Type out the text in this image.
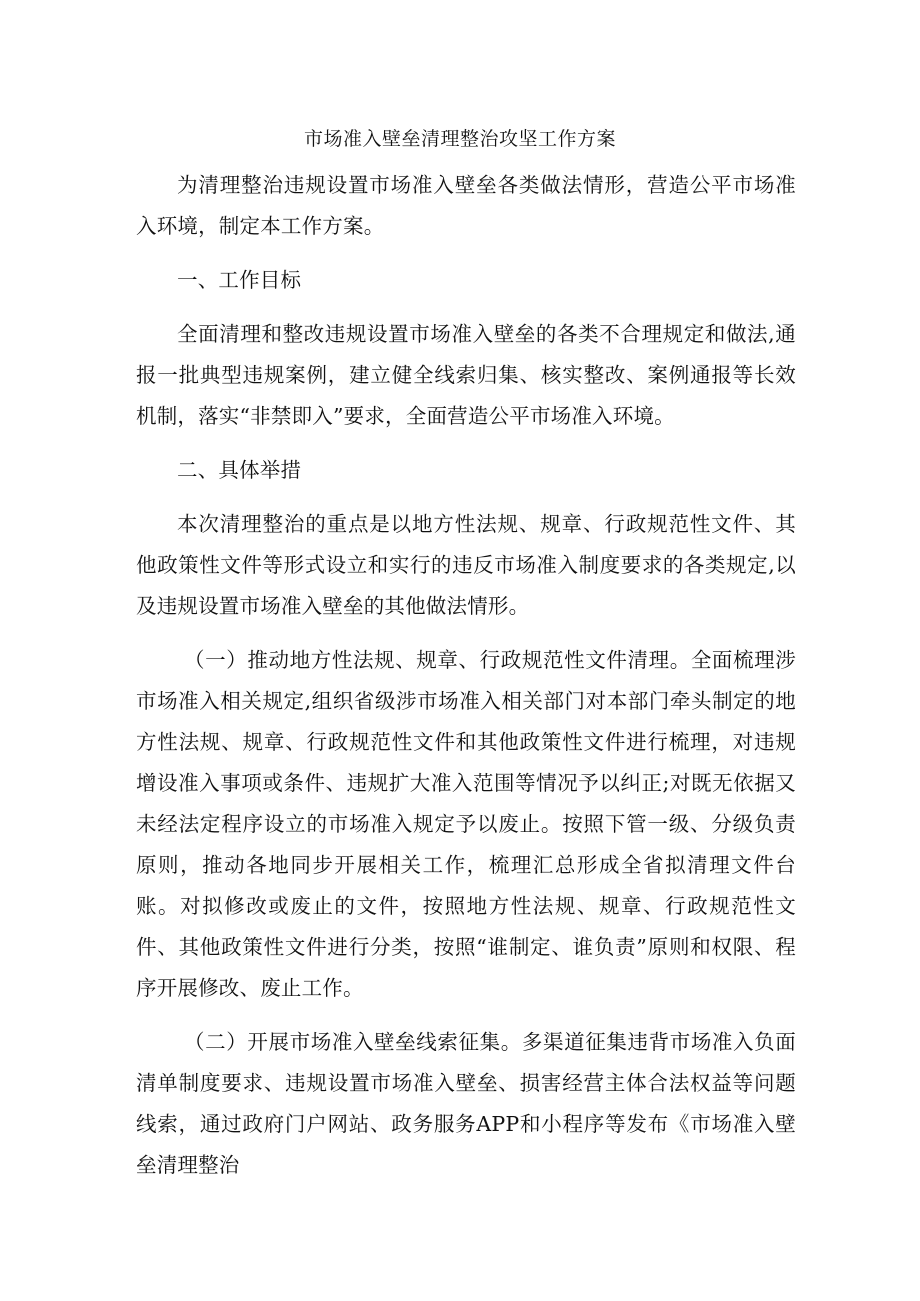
市场准入壁垒清理整治攻坚工作方案

为清理整治违规设置市场准入壁垒各类做法情形，营造公平市场准入环境，制定本工作方案。

一、工作目标

全面清理和整改违规设置市场准入壁垒的各类不合理规定和做法,通报一批典型违规案例，建立健全线索归集、核实整改、案例通报等长效机制，落实“非禁即入”要求，全面营造公平市场准入环境。

二、具体举措

本次清理整治的重点是以地方性法规、规章、行政规范性文件、其他政策性文件等形式设立和实行的违反市场准入制度要求的各类规定,以及违规设置市场准入壁垒的其他做法情形。

（一）推动地方性法规、规章、行政规范性文件清理。全面梳理涉市场准入相关规定,组织省级涉市场准入相关部门对本部门牵头制定的地方性法规、规章、行政规范性文件和其他政策性文件进行梳理，对违规增设准入事项或条件、违规扩大准入范围等情况予以纠正;对既无依据又未经法定程序设立的市场准入规定予以废止。按照下管一级、分级负责原则，推动各地同步开展相关工作，梳理汇总形成全省拟清理文件台账。对拟修改或废止的文件，按照地方性法规、规章、行政规范性文件、其他政策性文件进行分类，按照“谁制定、谁负责”原则和权限、程序开展修改、废止工作。

（二）开展市场准入壁垒线索征集。多渠道征集违背市场准入负面清单制度要求、违规设置市场准入壁垒、损害经营主体合法权益等问题线索，通过政府门户网站、政务服务APP和小程序等发布《市场准入壁垒清理整治
